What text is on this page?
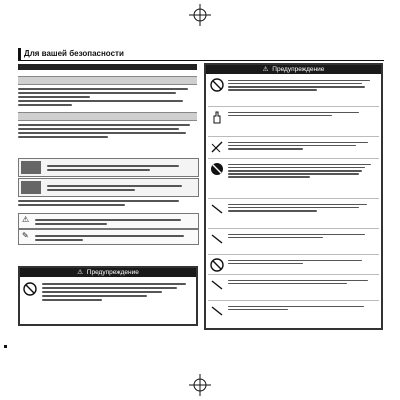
Для вашей безопасности
⚠
✎
⚠ Предупреждение
⚠ Предупреждение
